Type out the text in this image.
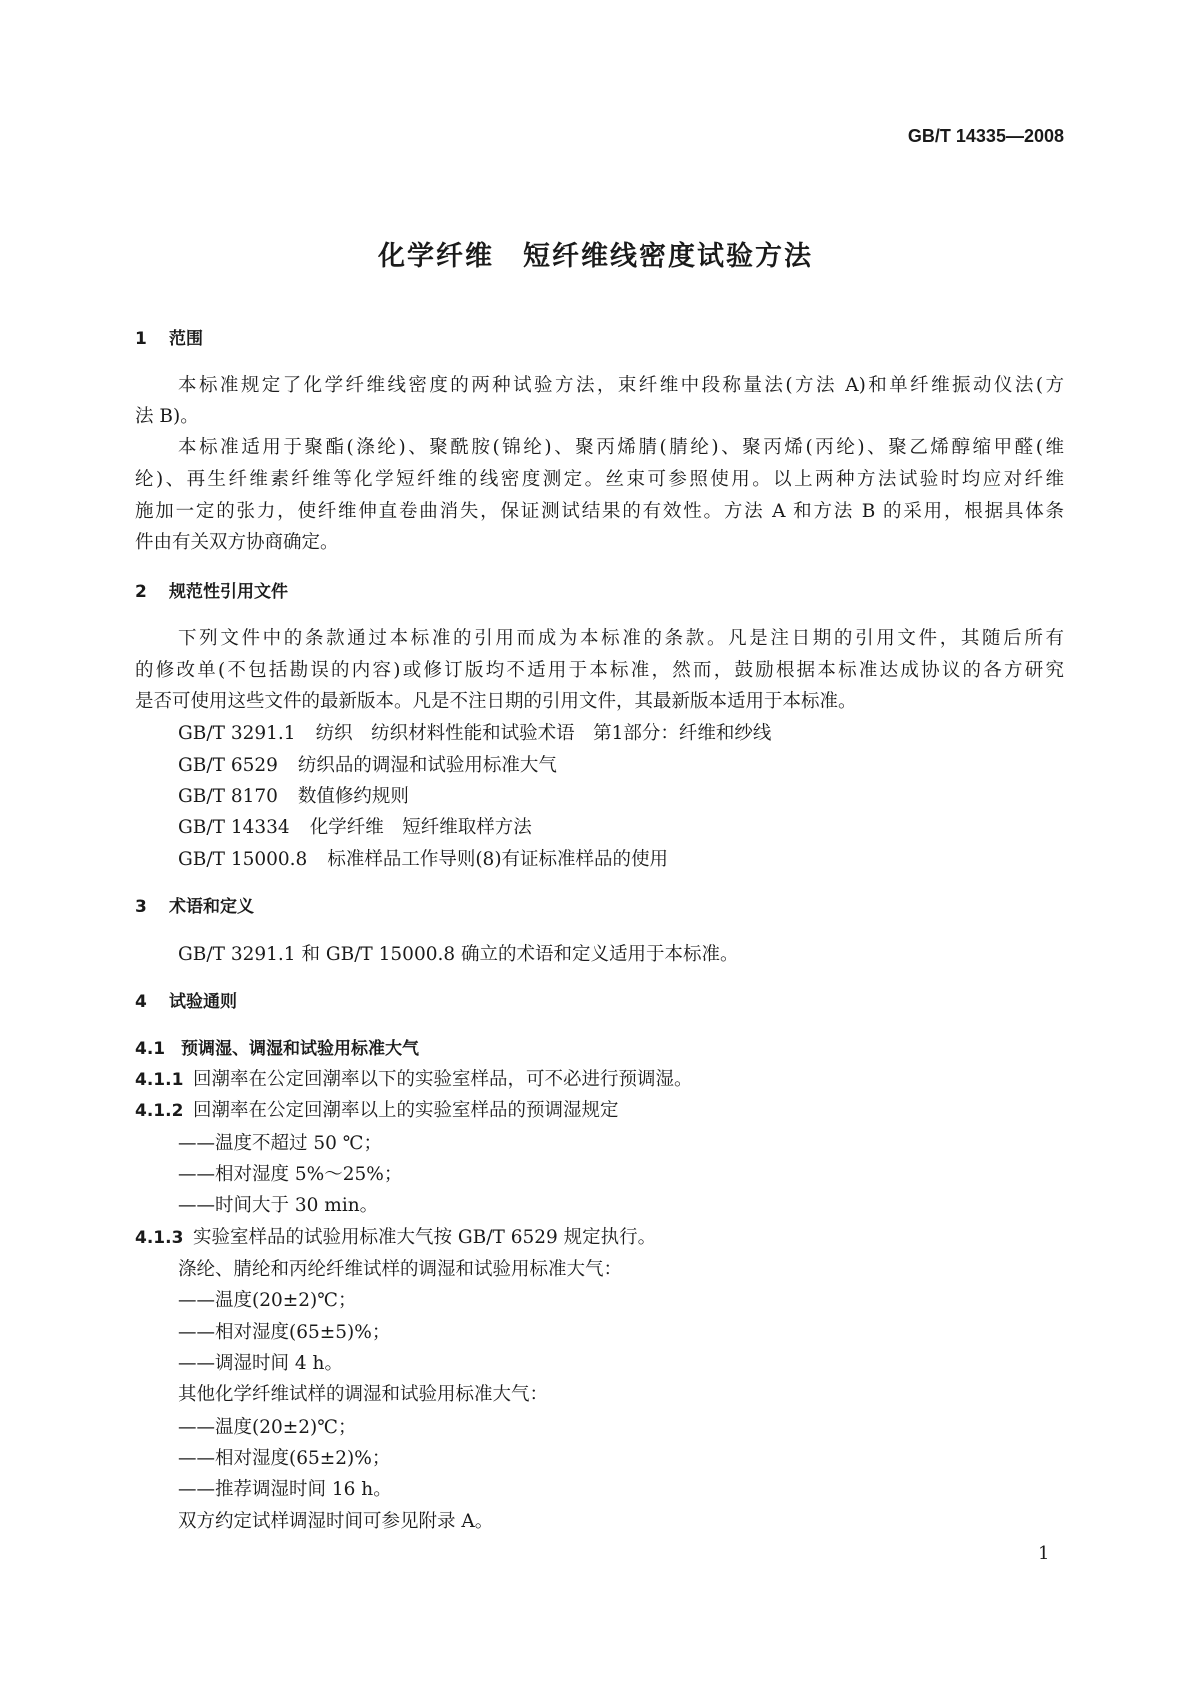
GB/T 14335—2008
化学纤维　短纤维线密度试验方法
1 范围
本标准规定了化学纤维线密度的两种试验方法，束纤维中段称量法(方法 A)和单纤维振动仪法(方
法 B)。
本标准适用于聚酯(涤纶)、聚酰胺(锦纶)、聚丙烯腈(腈纶)、聚丙烯(丙纶)、聚乙烯醇缩甲醛(维
纶)、再生纤维素纤维等化学短纤维的线密度测定。丝束可参照使用。以上两种方法试验时均应对纤维
施加一定的张力，使纤维伸直卷曲消失，保证测试结果的有效性。方法 A 和方法 B 的采用，根据具体条
件由有关双方协商确定。
2 规范性引用文件
下列文件中的条款通过本标准的引用而成为本标准的条款。凡是注日期的引用文件，其随后所有
的修改单(不包括勘误的内容)或修订版均不适用于本标准，然而，鼓励根据本标准达成协议的各方研究
是否可使用这些文件的最新版本。凡是不注日期的引用文件，其最新版本适用于本标准。
GB/T 3291.1 纺织　纺织材料性能和试验术语　第1部分：纤维和纱线
GB/T 6529 纺织品的调湿和试验用标准大气
GB/T 8170 数值修约规则
GB/T 14334 化学纤维　短纤维取样方法
GB/T 15000.8 标准样品工作导则(8)有证标准样品的使用
3 术语和定义
GB/T 3291.1 和 GB/T 15000.8 确立的术语和定义适用于本标准。
4 试验通则
4.1 预调湿、调湿和试验用标准大气
4.1.1 回潮率在公定回潮率以下的实验室样品，可不必进行预调湿。
4.1.2 回潮率在公定回潮率以上的实验室样品的预调湿规定
——温度不超过 50 ℃；
——相对湿度 5%～25%；
——时间大于 30 min。
4.1.3 实验室样品的试验用标准大气按 GB/T 6529 规定执行。
涤纶、腈纶和丙纶纤维试样的调湿和试验用标准大气：
——温度(20±2)℃；
——相对湿度(65±5)%；
——调湿时间 4 h。
其他化学纤维试样的调湿和试验用标准大气：
——温度(20±2)℃；
——相对湿度(65±2)%；
——推荐调湿时间 16 h。
双方约定试样调湿时间可参见附录 A。
1
